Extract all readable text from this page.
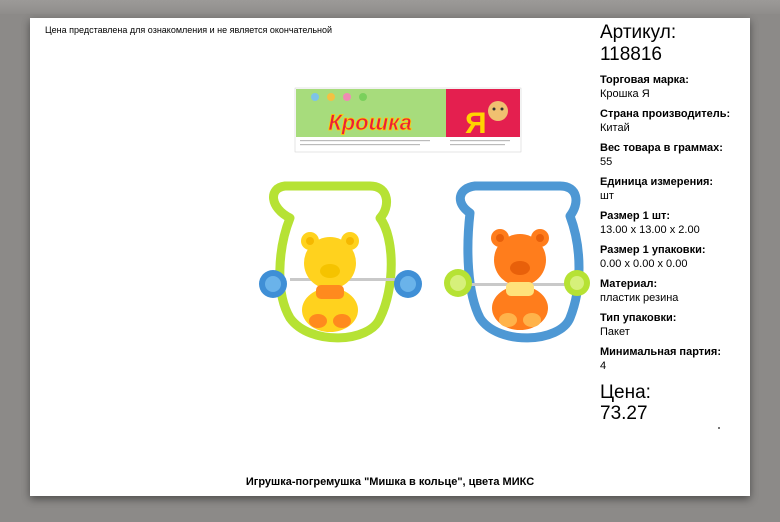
Цена представлена для ознакомления и не является окончательной
Крошка Я
Артикул:
118816
Торговая марка:
Крошка Я
Страна производитель:
Китай
Вес товара в граммах:
55
Единица измерения:
шт
Размер 1 шт:
13.00 x 13.00 x 2.00
Размер 1 упаковки:
0.00 x 0.00 x 0.00
Материал:
пластик резина
Тип упаковки:
Пакет
Минимальная партия:
4
Цена:
73.27
Игрушка-погремушка "Мишка в кольце", цвета МИКС
